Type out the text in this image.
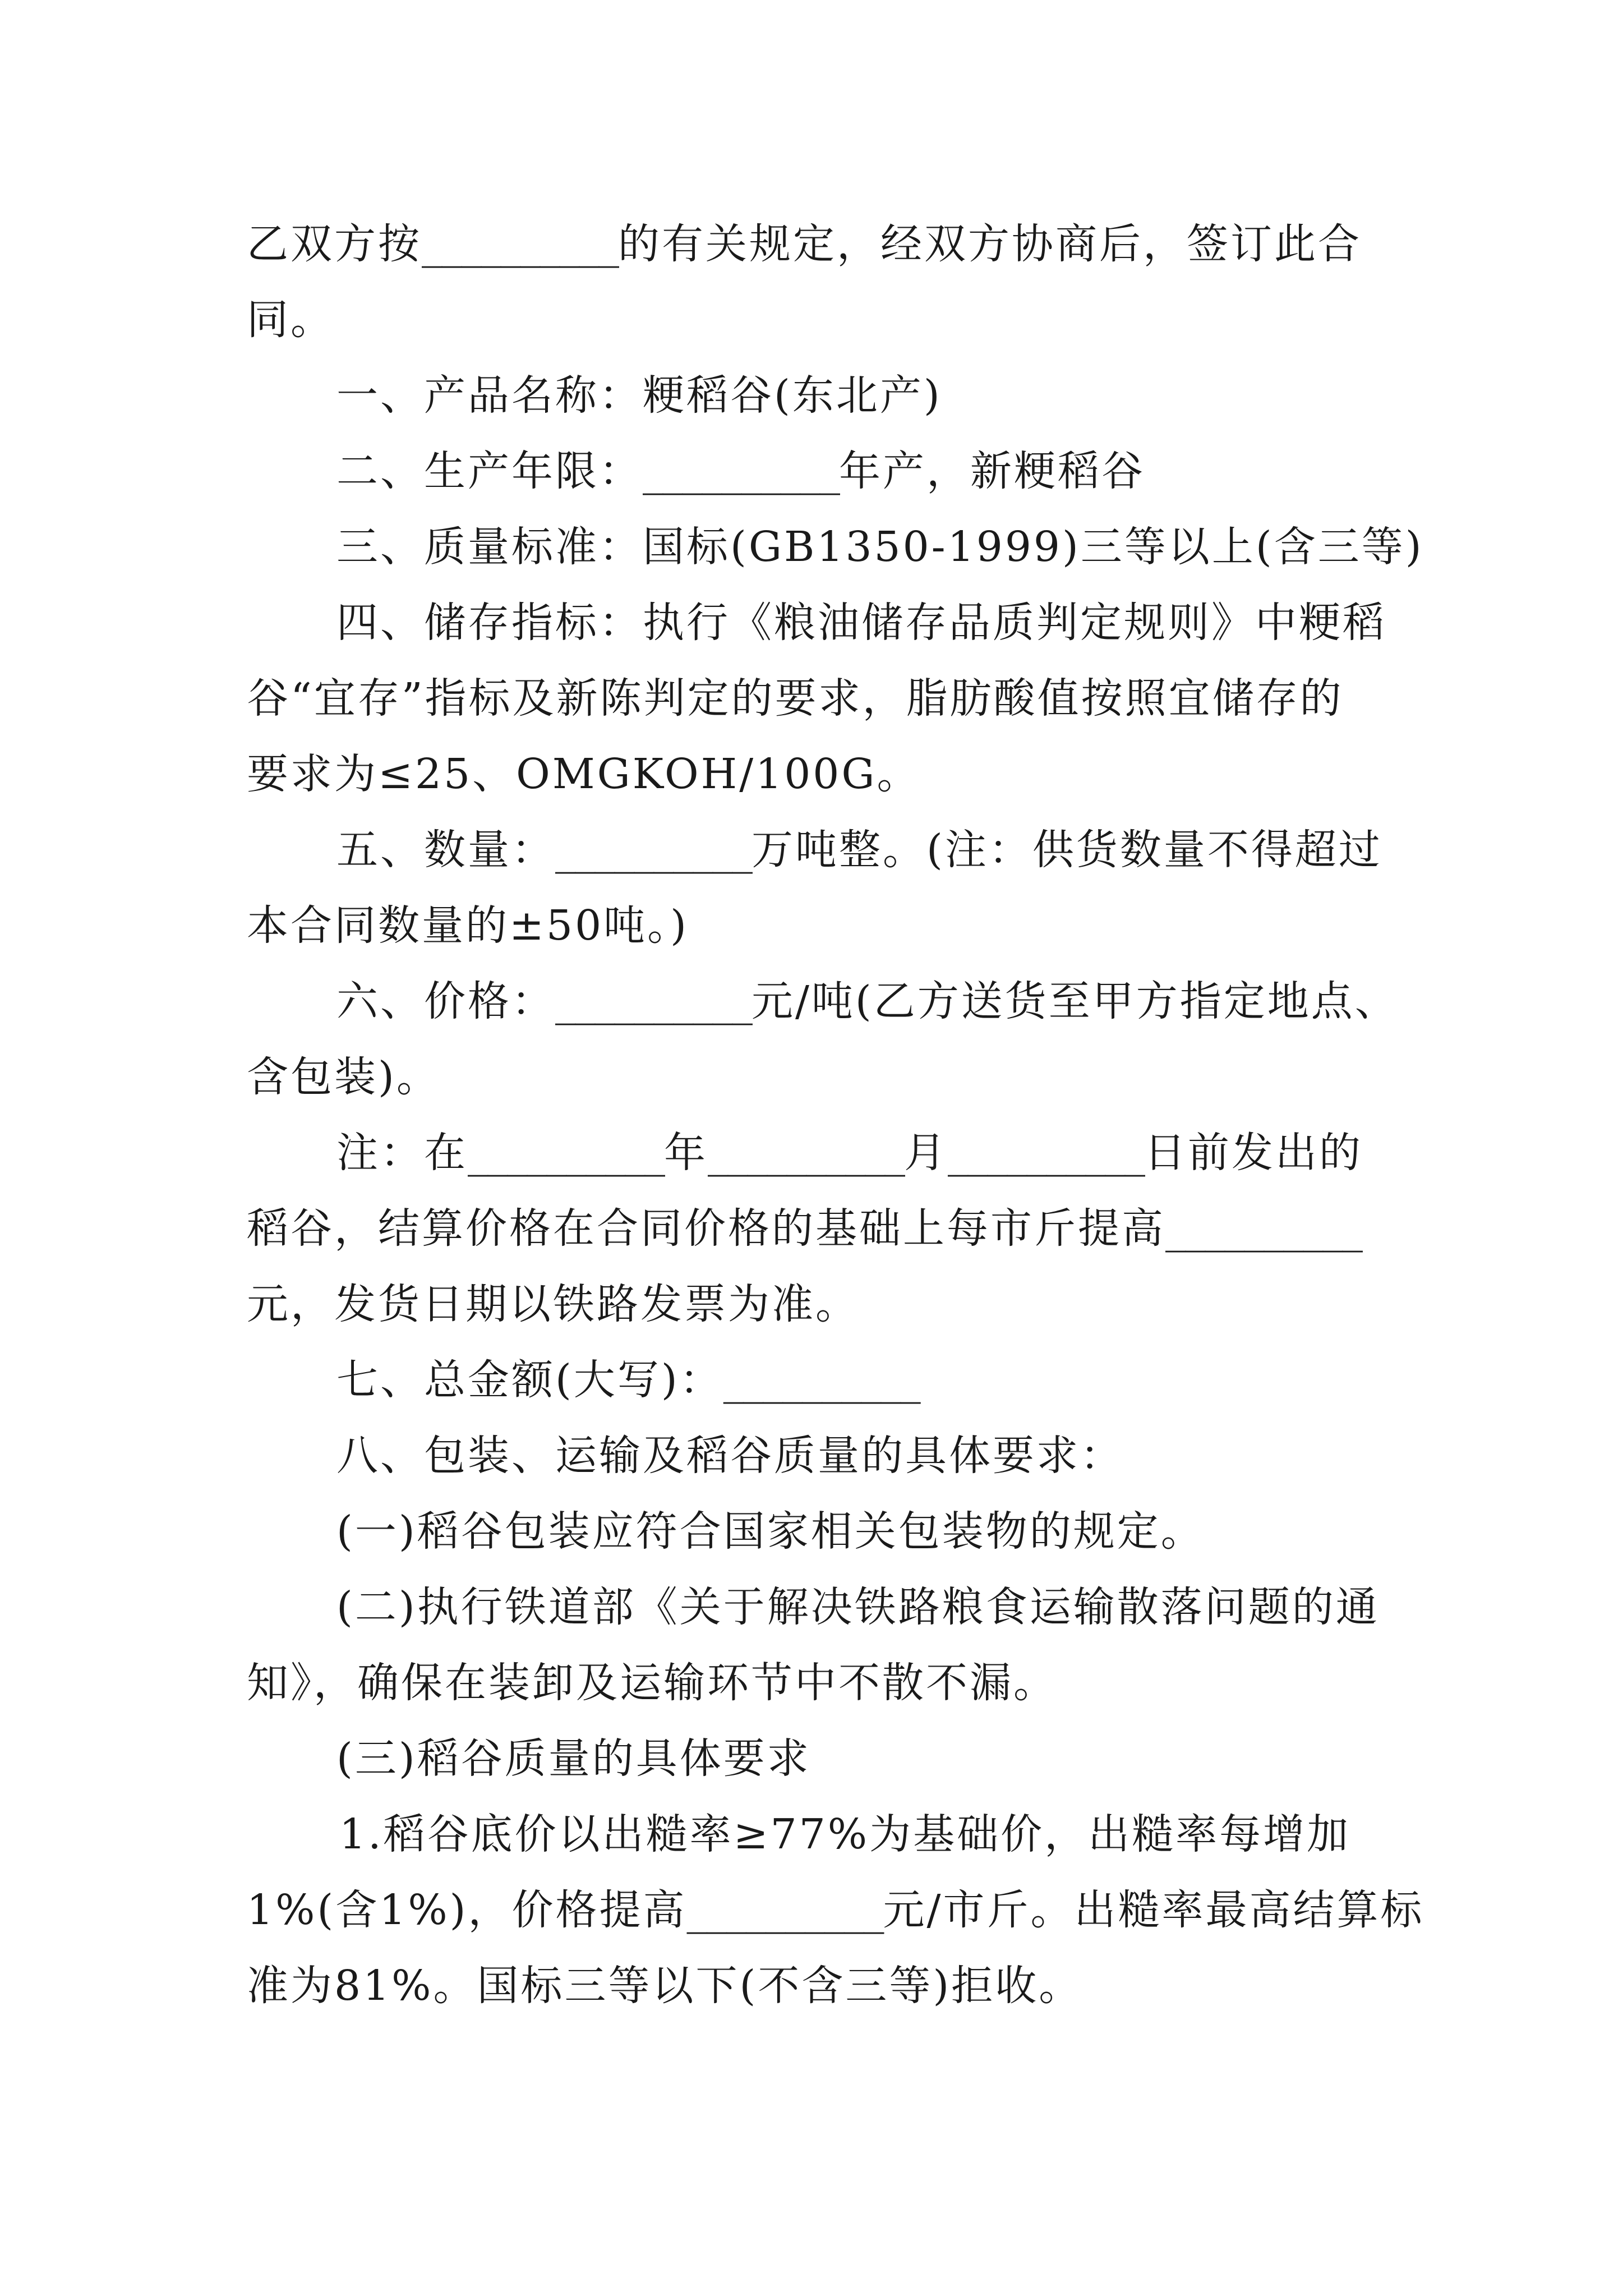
乙双方按__________的有关规定，经双方协商后，签订此合
同。
一、产品名称：粳稻谷(东北产)
二、生产年限：__________年产，新粳稻谷
三、质量标准：国标(GB1350-1999)三等以上(含三等)
四、储存指标：执行《粮油储存品质判定规则》中粳稻
谷“宜存”指标及新陈判定的要求，脂肪酸值按照宜储存的
要求为≤25、OMGKOH/100G。
五、数量：__________万吨整。(注：供货数量不得超过
本合同数量的±50吨。)
六、价格：__________元/吨(乙方送货至甲方指定地点、
含包装)。
注：在__________年__________月__________日前发出的
稻谷，结算价格在合同价格的基础上每市斤提高__________
元，发货日期以铁路发票为准。
七、总金额(大写)：__________
八、包装、运输及稻谷质量的具体要求：
(一)稻谷包装应符合国家相关包装物的规定。
(二)执行铁道部《关于解决铁路粮食运输散落问题的通
知》，确保在装卸及运输环节中不散不漏。
(三)稻谷质量的具体要求
1.稻谷底价以出糙率≥77%为基础价，出糙率每增加
1%(含1%)，价格提高__________元/市斤。出糙率最高结算标
准为81%。国标三等以下(不含三等)拒收。
